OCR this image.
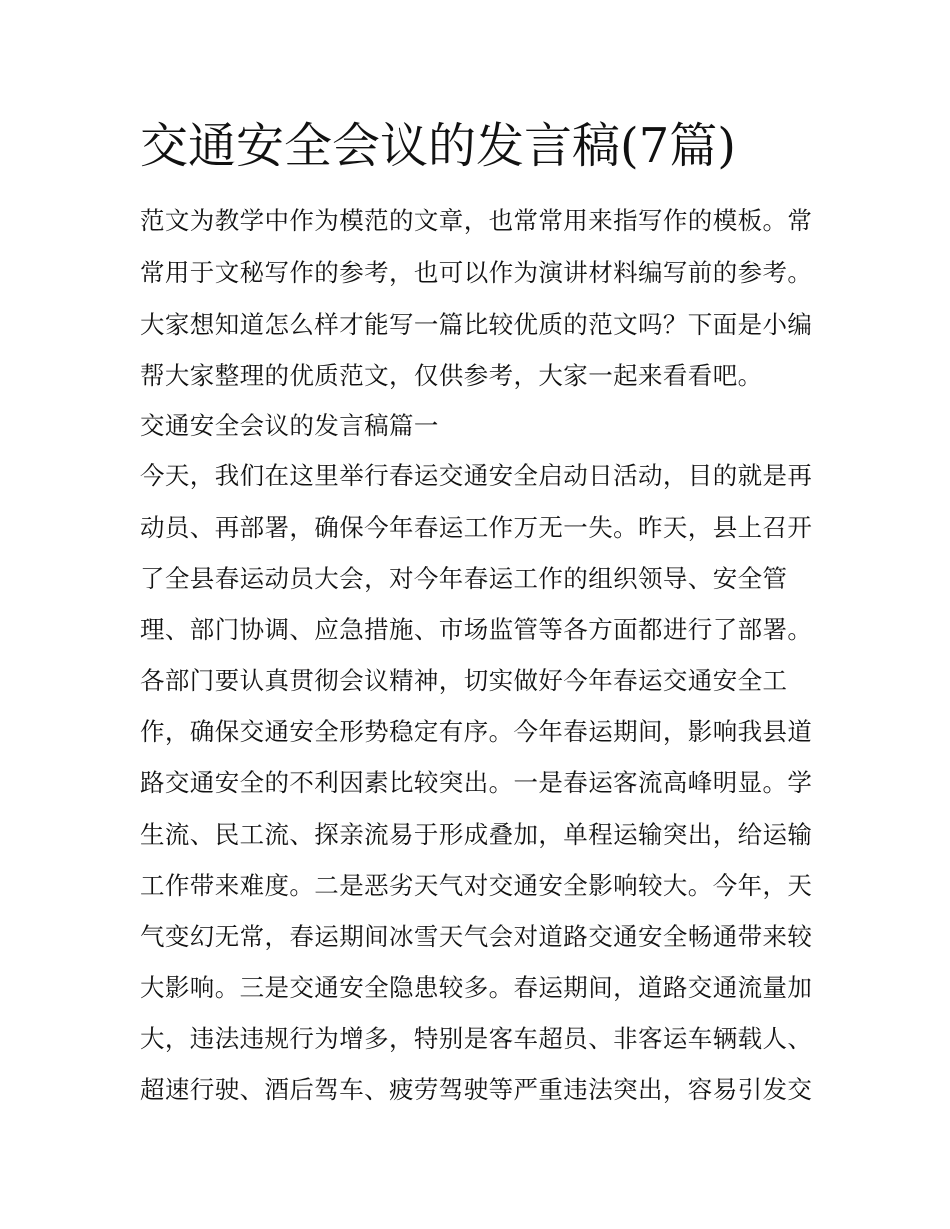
交通安全会议的发言稿(7篇)
范文为教学中作为模范的文章，也常常用来指写作的模板。常
常用于文秘写作的参考，也可以作为演讲材料编写前的参考。
大家想知道怎么样才能写一篇比较优质的范文吗？下面是小编
帮大家整理的优质范文，仅供参考，大家一起来看看吧。
交通安全会议的发言稿篇一
今天，我们在这里举行春运交通安全启动日活动，目的就是再
动员、再部署，确保今年春运工作万无一失。昨天，县上召开
了全县春运动员大会，对今年春运工作的组织领导、安全管
理、部门协调、应急措施、市场监管等各方面都进行了部署。
各部门要认真贯彻会议精神，切实做好今年春运交通安全工
作，确保交通安全形势稳定有序。今年春运期间，影响我县道
路交通安全的不利因素比较突出。一是春运客流高峰明显。学
生流、民工流、探亲流易于形成叠加，单程运输突出，给运输
工作带来难度。二是恶劣天气对交通安全影响较大。今年，天
气变幻无常，春运期间冰雪天气会对道路交通安全畅通带来较
大影响。三是交通安全隐患较多。春运期间，道路交通流量加
大，违法违规行为增多，特别是客车超员、非客运车辆载人、
超速行驶、酒后驾车、疲劳驾驶等严重违法突出，容易引发交
